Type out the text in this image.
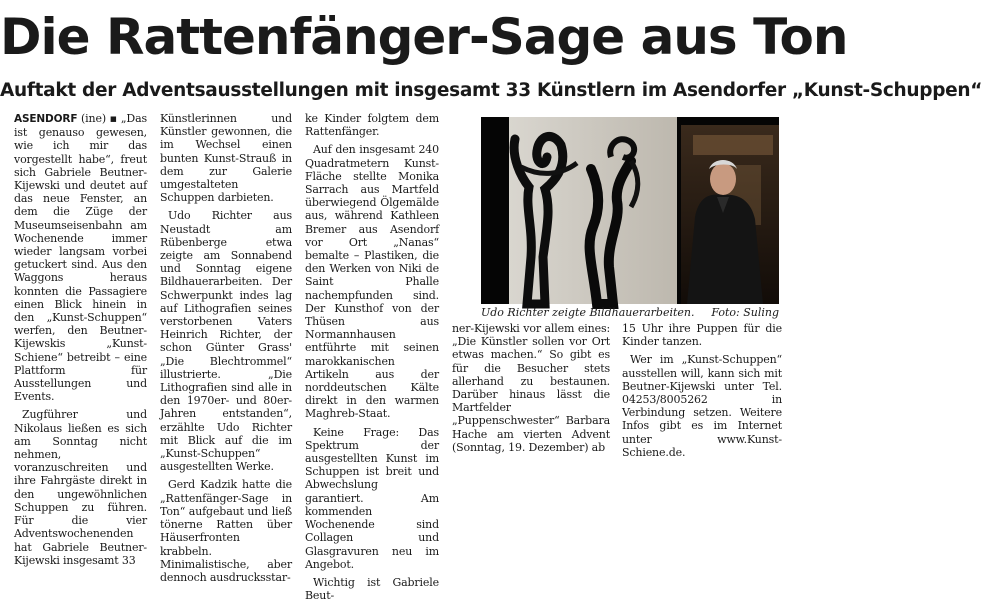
Die Rattenfänger-Sage aus Ton
Auftakt der Adventsausstellungen mit insgesamt 33 Künstlern im Asendorfer „Kunst-Schuppen“

ASENDORF (ine) ▪ „Das ist genauso gewesen, wie ich mir das vorgestellt habe“, freut sich Gabriele Beutner-Kijewski und deutet auf das neue Fenster, an dem die Züge der Museumseisenbahn am Wochenende immer wieder langsam vorbei getuckert sind. Aus den Waggons heraus konnten die Passagiere einen Blick hinein in den „Kunst-Schuppen“ werfen, den Beutner-Kijewskis „Kunst-Schiene“ betreibt – eine Plattform für Ausstellungen und Events.

Zugführer und Nikolaus ließen es sich am Sonntag nicht nehmen, voranzuschreiten und ihre Fahrgäste direkt in den ungewöhnlichen Schuppen zu führen. Für die vier Adventswochenenden hat Gabriele Beutner-Kijewski insgesamt 33

Künstlerinnen und Künstler gewonnen, die im Wechsel einen bunten Kunst-Strauß in dem zur Galerie umgestalteten Schuppen darbieten.

Udo Richter aus Neustadt am Rübenberge etwa zeigte am Sonnabend und Sonntag eigene Bildhauerarbeiten. Der Schwerpunkt indes lag auf Lithografien seines verstorbenen Vaters Heinrich Richter, der schon Günter Grass' „Die Blechtrommel“ illustrierte. „Die Lithografien sind alle in den 1970er- und 80er-Jahren entstanden“, erzählte Udo Richter mit Blick auf die im „Kunst-Schuppen“ ausgestellten Werke.

Gerd Kadzik hatte die „Rattenfänger-Sage in Ton“ aufgebaut und ließ tönerne Ratten über Häuserfronten krabbeln. Minimalistische, aber dennoch ausdrucksstar-

ke Kinder folgtem dem Rattenfänger.

Auf den insgesamt 240 Quadratmetern Kunst-Fläche stellte Monika Sarrach aus Martfeld überwiegend Ölgemälde aus, während Kathleen Bremer aus Asendorf vor Ort „Nanas“ bemalte – Plastiken, die den Werken von Niki de Saint Phalle nachempfunden sind. Der Kunsthof von der Thüsen aus Normannhausen entführte mit seinen marokkanischen Artikeln aus der norddeutschen Kälte direkt in den warmen Maghreb-Staat.

Keine Frage: Das Spektrum der ausgestellten Kunst im Schuppen ist breit und Abwechslung garantiert. Am kommenden Wochenende sind Collagen und Glasgravuren neu im Angebot.

Wichtig ist Gabriele Beut-

Udo Richter zeigte Bildhauerarbeiten. Foto: Suling

ner-Kijewski vor allem eines: „Die Künstler sollen vor Ort etwas machen.“ So gibt es für die Besucher stets allerhand zu bestaunen. Darüber hinaus lässt die Martfelder „Puppenschwester“ Barbara Hache am vierten Advent (Sonntag, 19. Dezember) ab

15 Uhr ihre Puppen für die Kinder tanzen.

Wer im „Kunst-Schuppen“ ausstellen will, kann sich mit Beutner-Kijewski unter Tel. 04253/8005262 in Verbindung setzen. Weitere Infos gibt es im Internet unter www.Kunst-Schiene.de.
